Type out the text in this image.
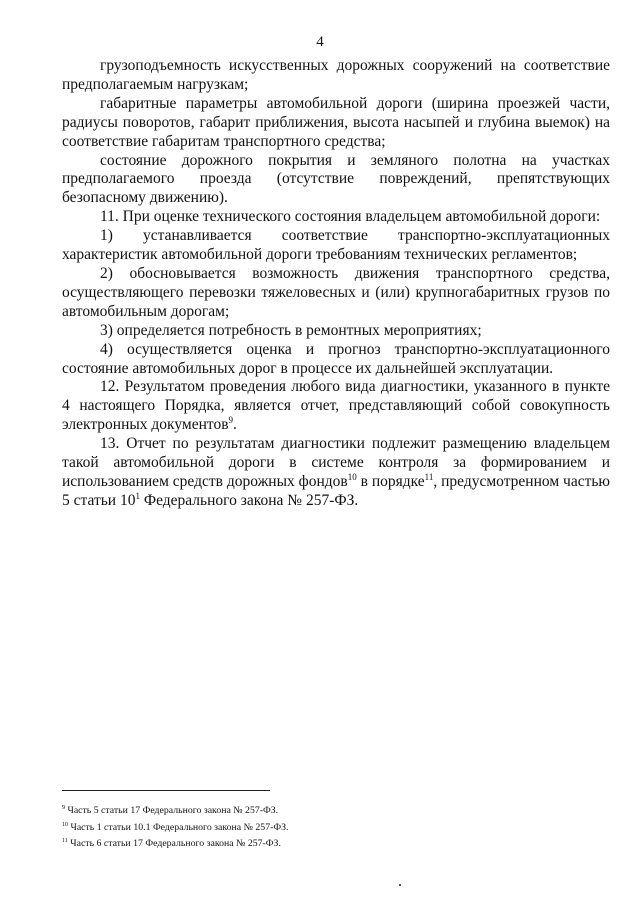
4

грузоподъемность искусственных дорожных сооружений на соответствие предполагаемым нагрузкам;

габаритные параметры автомобильной дороги (ширина проезжей части, радиусы поворотов, габарит приближения, высота насыпей и глубина выемок) на соответствие габаритам транспортного средства;

состояние дорожного покрытия и земляного полотна на участках предполагаемого проезда (отсутствие повреждений, препятствующих безопасному движению).

11. При оценке технического состояния владельцем автомобильной дороги:

1) устанавливается соответствие транспортно-эксплуатационных характеристик автомобильной дороги требованиям технических регламентов;

2) обосновывается возможность движения транспортного средства, осуществляющего перевозки тяжеловесных и (или) крупногабаритных грузов по автомобильным дорогам;

3) определяется потребность в ремонтных мероприятиях;

4) осуществляется оценка и прогноз транспортно-эксплуатационного состояние автомобильных дорог в процессе их дальнейшей эксплуатации.

12. Результатом проведения любого вида диагностики, указанного в пункте 4 настоящего Порядка, является отчет, представляющий собой совокупность электронных документов$^9$.

13. Отчет по результатам диагностики подлежит размещению владельцем такой автомобильной дороги в системе контроля за формированием и использованием средств дорожных фондов$^{10}$ в порядке$^{11}$, предусмотренном частью 5 статьи $10^1$ Федерального закона № 257-ФЗ.

$^9$ Часть 5 статьи 17 Федерального закона № 257-ФЗ.
$^{10}$ Часть 1 статьи 10.1 Федерального закона № 257-ФЗ.
$^{11}$ Часть 6 статьи 17 Федерального закона № 257-ФЗ.
